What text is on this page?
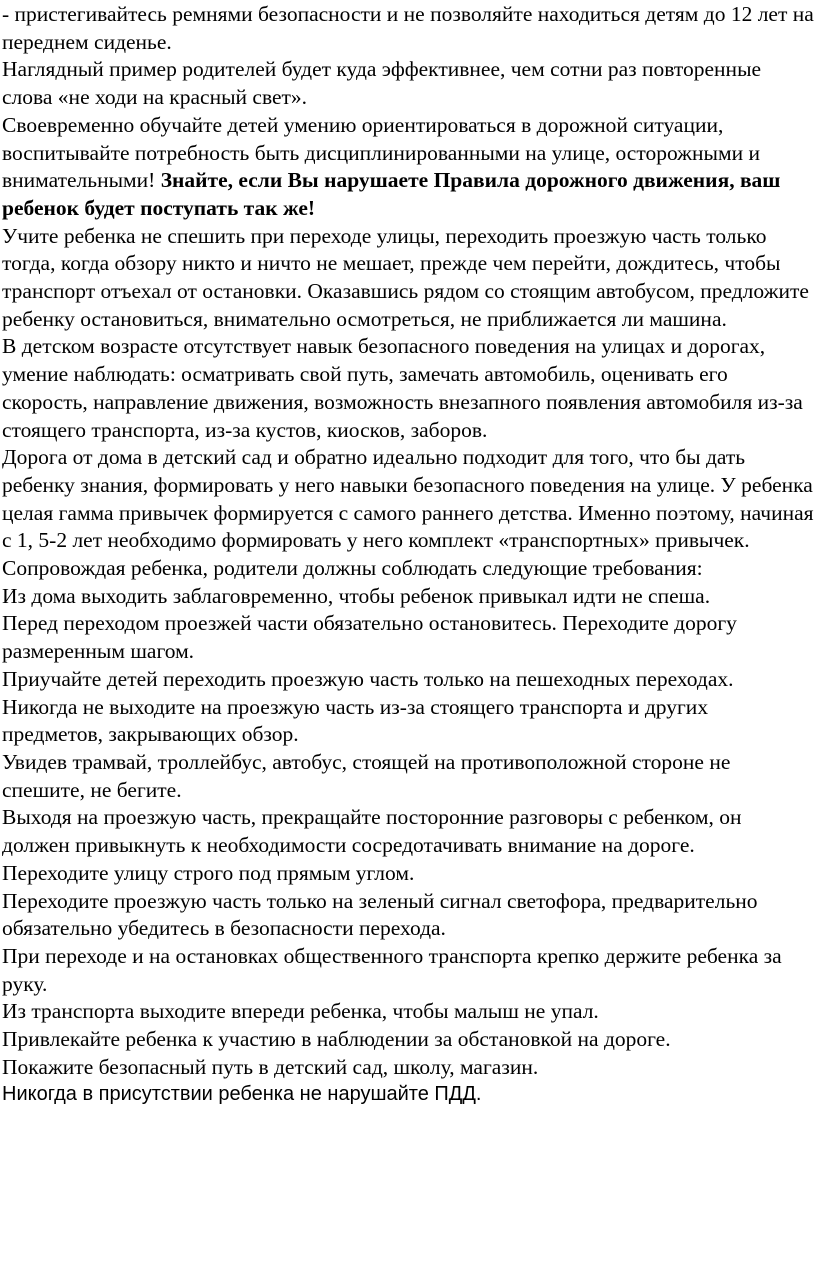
- пристегивайтесь ремнями безопасности и не позволяйте находиться детям до 12 лет на переднем сиденье.

Наглядный пример родителей будет куда эффективнее, чем сотни раз повторенные слова «не ходи на красный свет».

Своевременно обучайте детей умению ориентироваться в дорожной ситуации, воспитывайте потребность быть дисциплинированными на улице, осторожными и внимательными! Знайте, если Вы нарушаете Правила дорожного движения, ваш ребенок будет поступать так же!

Учите ребенка не спешить при переходе улицы, переходить проезжую часть только тогда, когда обзору никто и ничто не мешает, прежде чем перейти, дождитесь, чтобы транспорт отъехал от остановки. Оказавшись рядом со стоящим автобусом, предложите ребенку остановиться, внимательно осмотреться, не приближается ли машина.

В детском возрасте отсутствует навык безопасного поведения на улицах и дорогах, умение наблюдать: осматривать свой путь, замечать автомобиль, оценивать его скорость, направление движения, возможность внезапного появления автомобиля из-за стоящего транспорта, из-за кустов, киосков, заборов.

Дорога от дома в детский сад и обратно идеально подходит для того, что бы дать ребенку знания, формировать у него навыки безопасного поведения на улице. У ребенка целая гамма привычек формируется с самого раннего детства. Именно поэтому, начиная с 1, 5-2 лет необходимо формировать у него комплект «транспортных» привычек.

Сопровождая ребенка, родители должны соблюдать следующие требования:

Из дома выходить заблаговременно, чтобы ребенок привыкал идти не спеша.

Перед переходом проезжей части обязательно остановитесь. Переходите дорогу размеренным шагом.

Приучайте детей переходить проезжую часть только на пешеходных переходах.

Никогда не выходите на проезжую часть из-за стоящего транспорта и других предметов, закрывающих обзор.

Увидев трамвай, троллейбус, автобус, стоящей на противоположной стороне не спешите, не бегите.

Выходя на проезжую часть, прекращайте посторонние разговоры с ребенком, он должен привыкнуть к необходимости сосредотачивать внимание на дороге.

Переходите улицу строго под прямым углом.

Переходите проезжую часть только на зеленый сигнал светофора, предварительно обязательно убедитесь в безопасности перехода.

При переходе и на остановках общественного транспорта крепко держите ребенка за руку.

Из транспорта выходите впереди ребенка, чтобы малыш не упал.

Привлекайте ребенка к участию в наблюдении за обстановкой на дороге.

Покажите безопасный путь в детский сад, школу, магазин.

Никогда в присутствии ребенка не нарушайте ПДД.
